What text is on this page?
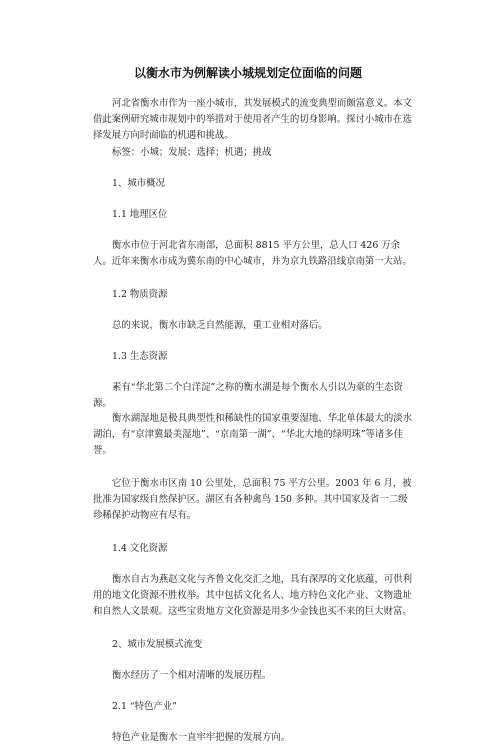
以衡水市为例解读小城规划定位面临的问题

河北省衡水市作为一座小城市，其发展模式的流变典型而颇富意义。本文借此案例研究城市规划中的举措对于使用者产生的切身影响。探讨小城市在选择发展方向时面临的机遇和挑战。

标签：小城；发展；选择；机遇；挑战

1、城市概况

1.1 地理区位

衡水市位于河北省东南部，总面积 8815 平方公里，总人口 426 万余人。近年来衡水市成为冀东南的中心城市，并为京九铁路沿线京南第一大站。

1.2 物质资源

总的来说，衡水市缺乏自然能源，重工业相对落后。

1.3 生态资源

素有“华北第二个白洋淀”之称的衡水湖是每个衡水人引以为豪的生态资源。

衡水湖湿地是极具典型性和稀缺性的国家重要湿地、华北单体最大的淡水湖泊，有“京津冀最美湿地”、“京南第一湖”、“华北大地的绿明珠”等诸多佳誉。

它位于衡水市区南 10 公里处，总面积 75 平方公里。2003 年 6 月，被批准为国家级自然保护区。湖区有各种禽鸟 150 多种。其中国家及省一二级珍稀保护动物应有尽有。

1.4 文化资源

衡水自古为燕赵文化与齐鲁文化交汇之地，具有深厚的文化底蕴，可供利用的地文化资源不胜枚举。其中包括文化名人、地方特色文化产业、文物遗址和自然人文景观。这些宝贵地方文化资源是用多少金钱也买不来的巨大财富。

2、城市发展模式流变

衡水经历了一个相对清晰的发展历程。

2.1 “特色产业”

特色产业是衡水一直牢牢把握的发展方向。
